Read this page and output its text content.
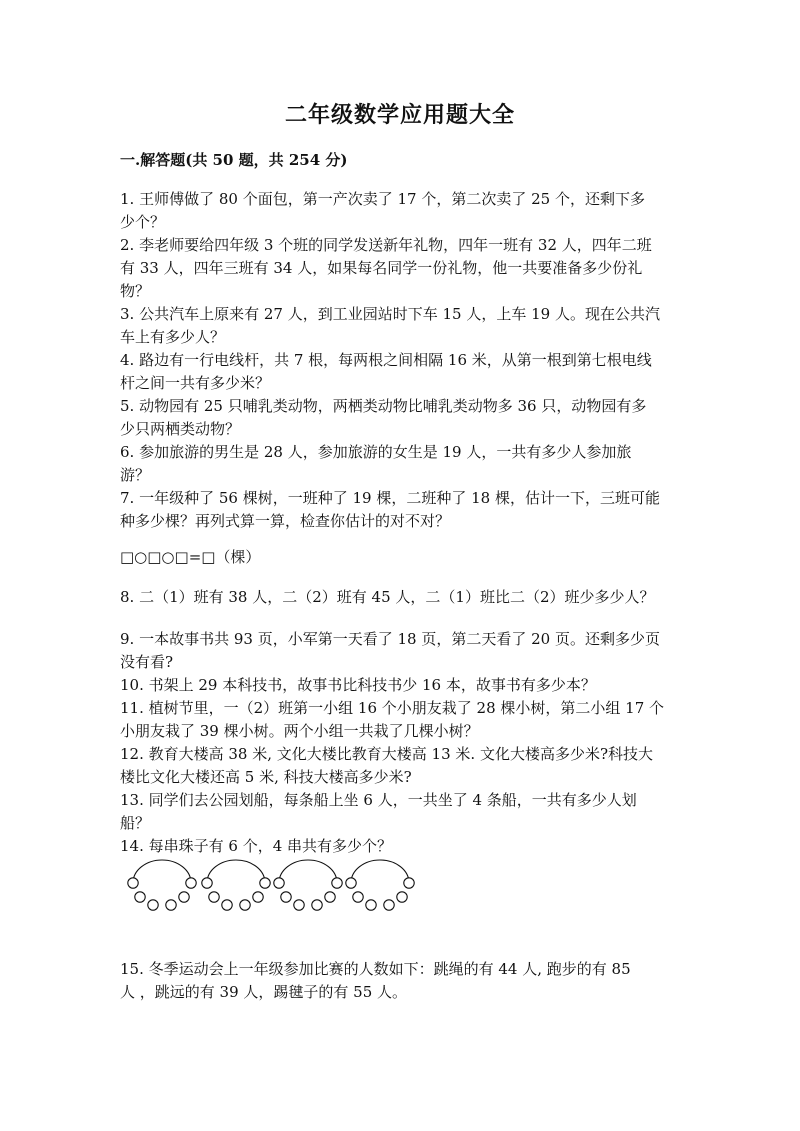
二年级数学应用题大全
一.解答题(共 50 题，共 254 分)
1. 王师傅做了 80 个面包，第一产次卖了 17 个，第二次卖了 25 个，还剩下多
少个？
2. 李老师要给四年级 3 个班的同学发送新年礼物，四年一班有 32 人，四年二班
有 33 人，四年三班有 34 人，如果每名同学一份礼物，他一共要准备多少份礼
物？
3. 公共汽车上原来有 27 人，到工业园站时下车 15 人，上车 19 人。现在公共汽
车上有多少人？
4. 路边有一行电线杆，共 7 根，每两根之间相隔 16 米，从第一根到第七根电线
杆之间一共有多少米？
5. 动物园有 25 只哺乳类动物，两栖类动物比哺乳类动物多 36 只，动物园有多
少只两栖类动物？
6. 参加旅游的男生是 28 人，参加旅游的女生是 19 人，一共有多少人参加旅
游？
7. 一年级种了 56 棵树，一班种了 19 棵，二班种了 18 棵，估计一下，三班可能
种多少棵？再列式算一算，检查你估计的对不对？
□○□○□=□（棵）
8. 二（1）班有 38 人，二（2）班有 45 人，二（1）班比二（2）班少多少人？
9. 一本故事书共 93 页，小军第一天看了 18 页，第二天看了 20 页。还剩多少页
没有看?
10. 书架上 29 本科技书，故事书比科技书少 16 本，故事书有多少本？
11. 植树节里，一（2）班第一小组 16 个小朋友栽了 28 棵小树，第二小组 17 个
小朋友栽了 39 棵小树。两个小组一共栽了几棵小树？
12. 教育大楼高 38 米, 文化大楼比教育大楼高 13 米. 文化大楼高多少米?科技大
楼比文化大楼还高 5 米, 科技大楼高多少米?
13. 同学们去公园划船，每条船上坐 6 人，一共坐了 4 条船，一共有多少人划
船？
14. 每串珠子有 6 个，4 串共有多少个？
15. 冬季运动会上一年级参加比赛的人数如下：跳绳的有 44 人, 跑步的有 85
人 ，跳远的有 39 人，踢毽子的有 55 人。
